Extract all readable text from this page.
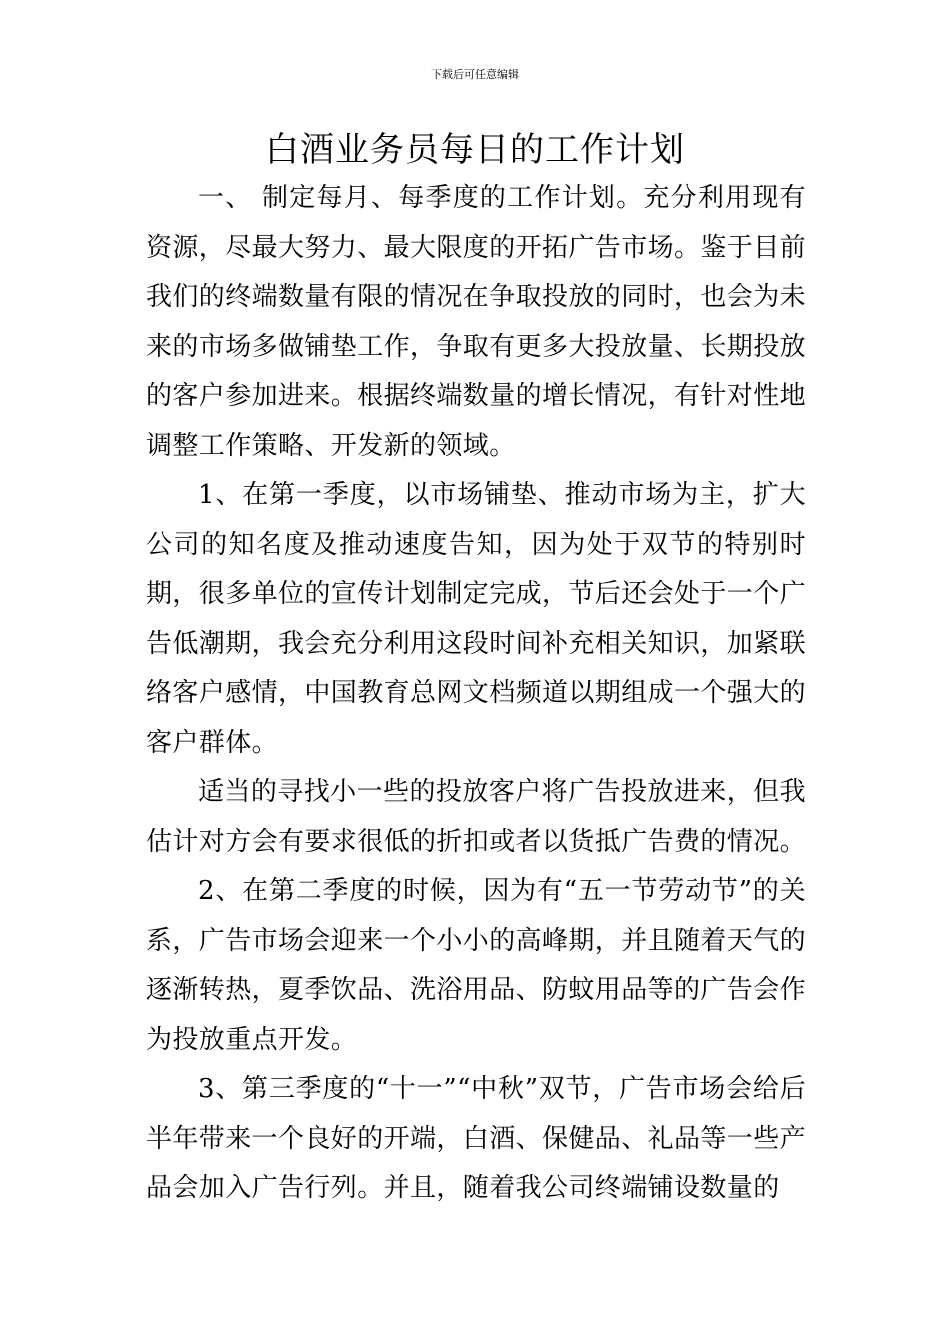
下载后可任意编辑
白酒业务员每日的工作计划

一、 制定每月、每季度的工作计划。充分利用现有资源，尽最大努力、最大限度的开拓广告市场。鉴于目前我们的终端数量有限的情况在争取投放的同时，也会为未来的市场多做铺垫工作，争取有更多大投放量、长期投放的客户参加进来。根据终端数量的增长情况，有针对性地调整工作策略、开发新的领域。

1、在第一季度，以市场铺垫、推动市场为主，扩大公司的知名度及推动速度告知，因为处于双节的特别时期，很多单位的宣传计划制定完成，节后还会处于一个广告低潮期，我会充分利用这段时间补充相关知识，加紧联络客户感情，中国教育总网文档频道以期组成一个强大的客户群体。

适当的寻找小一些的投放客户将广告投放进来，但我估计对方会有要求很低的折扣或者以货抵广告费的情况。

2、在第二季度的时候，因为有“五一节劳动节”的关系，广告市场会迎来一个小小的高峰期，并且随着天气的逐渐转热，夏季饮品、洗浴用品、防蚊用品等的广告会作为投放重点开发。

3、第三季度的“十一”“中秋”双节，广告市场会给后半年带来一个良好的开端，白酒、保健品、礼品等一些产品会加入广告行列。并且，随着我公司终端铺设数量的
